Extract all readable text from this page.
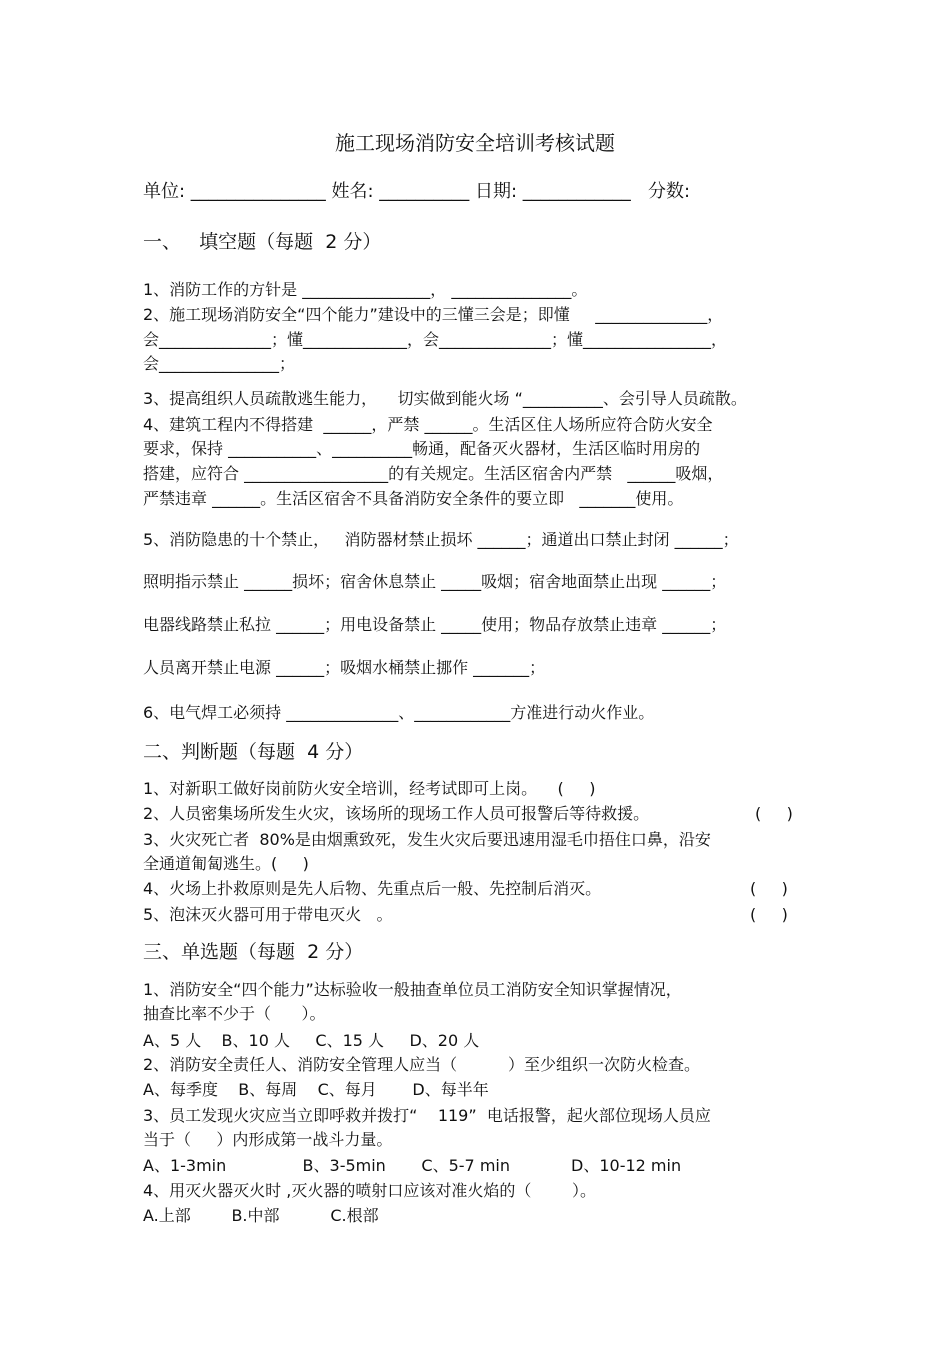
施工现场消防安全培训考核试题
单位: _______________ 姓名: __________ 日期: ____________   分数:
一、   填空题（每题  2 分）
1、消防工作的方针是 ________________， _______________。
2、施工现场消防安全“四个能力”建设中的三懂三会是；即懂     ______________，
会______________；懂_____________，会______________；懂________________，
会_______________；
3、提高组织人员疏散逃生能力，    切实做到能火场 “__________、会引导人员疏散。
4、建筑工程内不得搭建  ______，严禁 ______。生活区住人场所应符合防火安全
要求，保持 ___________、__________畅通，配备灭火器材，生活区临时用房的
搭建，应符合 __________________的有关规定。生活区宿舍内严禁   ______吸烟，
严禁违章 ______。生活区宿舍不具备消防安全条件的要立即   _______使用。
5、消防隐患的十个禁止，   消防器材禁止损坏 ______；通道出口禁止封闭 ______；
照明指示禁止 ______损坏；宿舍休息禁止 _____吸烟；宿舍地面禁止出现 ______；
电器线路禁止私拉 ______；用电设备禁止 _____使用；物品存放禁止违章 ______；
人员离开禁止电源 ______；吸烟水桶禁止挪作 _______；
6、电气焊工必须持 ______________、____________方准进行动火作业。
二、判断题（每题  4 分）
1、对新职工做好岗前防火安全培训，经考试即可上岗。    (     )
2、人员密集场所发生火灾，该场所的现场工作人员可报警后等待救援。	(     )
3、火灾死亡者  80%是由烟熏致死，发生火灾后要迅速用湿毛巾捂住口鼻，沿安
全通道匍匐逃生。(     )
4、火场上扑救原则是先人后物、先重点后一般、先控制后消灭。	(     )
5、泡沫灭火器可用于带电灭火   。	(     )
三、单选题（每题  2 分）
1、消防安全“四个能力”达标验收一般抽查单位员工消防安全知识掌握情况，
抽查比率不少于（      ）。
A、5 人    B、10 人     C、15 人     D、20 人
2、消防安全责任人、消防安全管理人应当（          ）至少组织一次防火检查。
A、每季度    B、每周    C、每月       D、每半年
3、员工发现火灾应当立即呼救并拨打“    119”  电话报警，起火部位现场人员应
当于（     ）内形成第一战斗力量。
A、1-3min               B、3-5min       C、5-7 min            D、10-12 min
4、用灭火器灭火时 ,灭火器的喷射口应该对准火焰的（        ）。
A.上部        B.中部          C.根部
